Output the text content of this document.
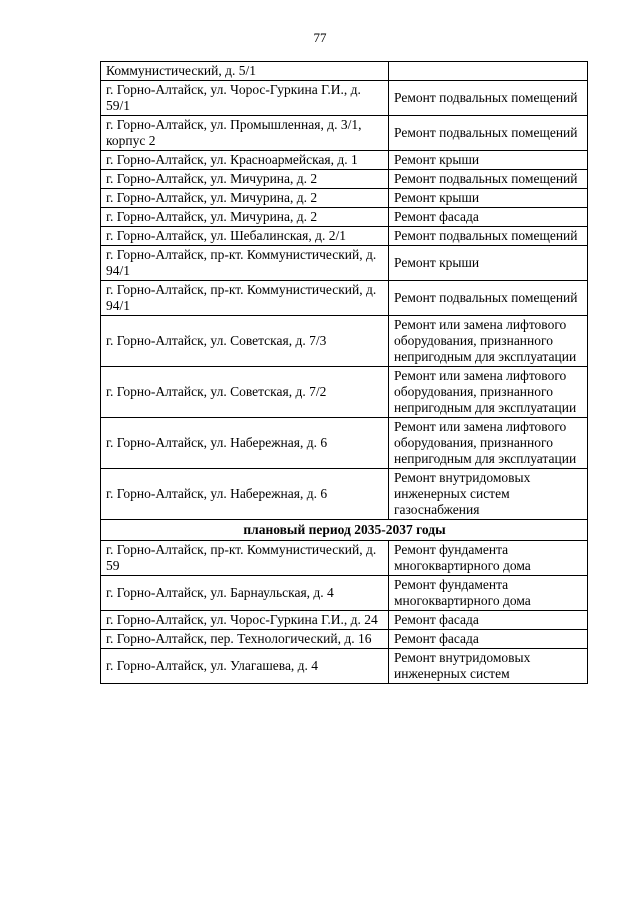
77
Коммунистический, д. 5/1	
г. Горно-Алтайск, ул. Чорос-Гуркина Г.И., д. 59/1	Ремонт подвальных помещений
г. Горно-Алтайск, ул. Промышленная, д. 3/1, корпус 2	Ремонт подвальных помещений
г. Горно-Алтайск, ул. Красноармейская, д. 1	Ремонт крыши
г. Горно-Алтайск, ул. Мичурина, д. 2	Ремонт подвальных помещений
г. Горно-Алтайск, ул. Мичурина, д. 2	Ремонт крыши
г. Горно-Алтайск, ул. Мичурина, д. 2	Ремонт фасада
г. Горно-Алтайск, ул. Шебалинская, д. 2/1	Ремонт подвальных помещений
г. Горно-Алтайск, пр-кт. Коммунистический, д. 94/1	Ремонт крыши
г. Горно-Алтайск, пр-кт. Коммунистический, д. 94/1	Ремонт подвальных помещений
г. Горно-Алтайск, ул. Советская, д. 7/3	Ремонт или замена лифтового оборудования, признанного непригодным для эксплуатации
г. Горно-Алтайск, ул. Советская, д. 7/2	Ремонт или замена лифтового оборудования, признанного непригодным для эксплуатации
г. Горно-Алтайск, ул. Набережная, д. 6	Ремонт или замена лифтового оборудования, признанного непригодным для эксплуатации
г. Горно-Алтайск, ул. Набережная, д. 6	Ремонт внутридомовых инженерных систем газоснабжения
плановый период 2035-2037 годы	
г. Горно-Алтайск, пр-кт. Коммунистический, д. 59	Ремонт фундамента многоквартирного дома
г. Горно-Алтайск, ул. Барнаульская, д. 4	Ремонт фундамента многоквартирного дома
г. Горно-Алтайск, ул. Чорос-Гуркина Г.И., д. 24	Ремонт фасада
г. Горно-Алтайск, пер. Технологический, д. 16	Ремонт фасада
г. Горно-Алтайск, ул. Улагашева, д. 4	Ремонт внутридомовых инженерных систем
